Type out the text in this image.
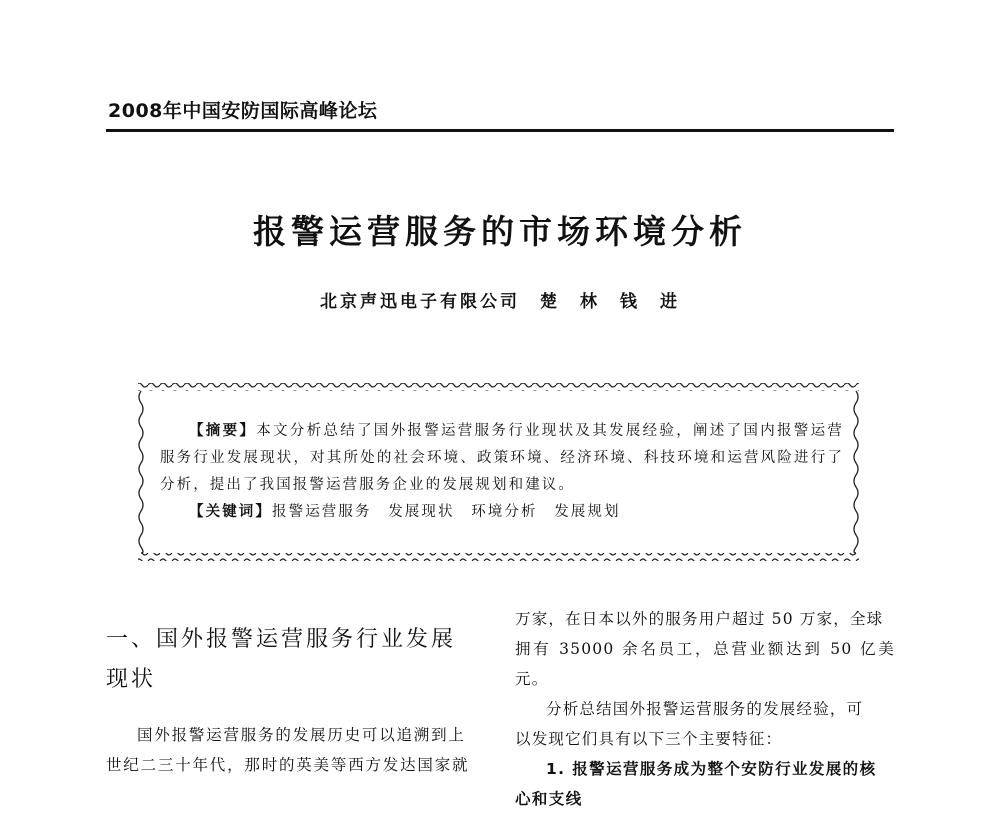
2008年中国安防国际高峰论坛
报警运营服务的市场环境分析
北京声迅电子有限公司　楚　林　钱　进

【摘要】本文分析总结了国外报警运营服务行业现状及其发展经验，阐述了国内报警运营服务行业发展现状，对其所处的社会环境、政策环境、经济环境、科技环境和运营风险进行了分析，提出了我国报警运营服务企业的发展规划和建议。

【关键词】报警运营服务　发展现状　环境分析　发展规划

一、国外报警运营服务行业发展
现状

国外报警运营服务的发展历史可以追溯到上

世纪二三十年代，那时的英美等西方发达国家就

万家，在日本以外的服务用户超过 50 万家，全球

拥有 35000 余名员工，总营业额达到 50 亿美元。

分析总结国外报警运营服务的发展经验，可

以发现它们具有以下三个主要特征：

1. 报警运营服务成为整个安防行业发展的核

心和支线
